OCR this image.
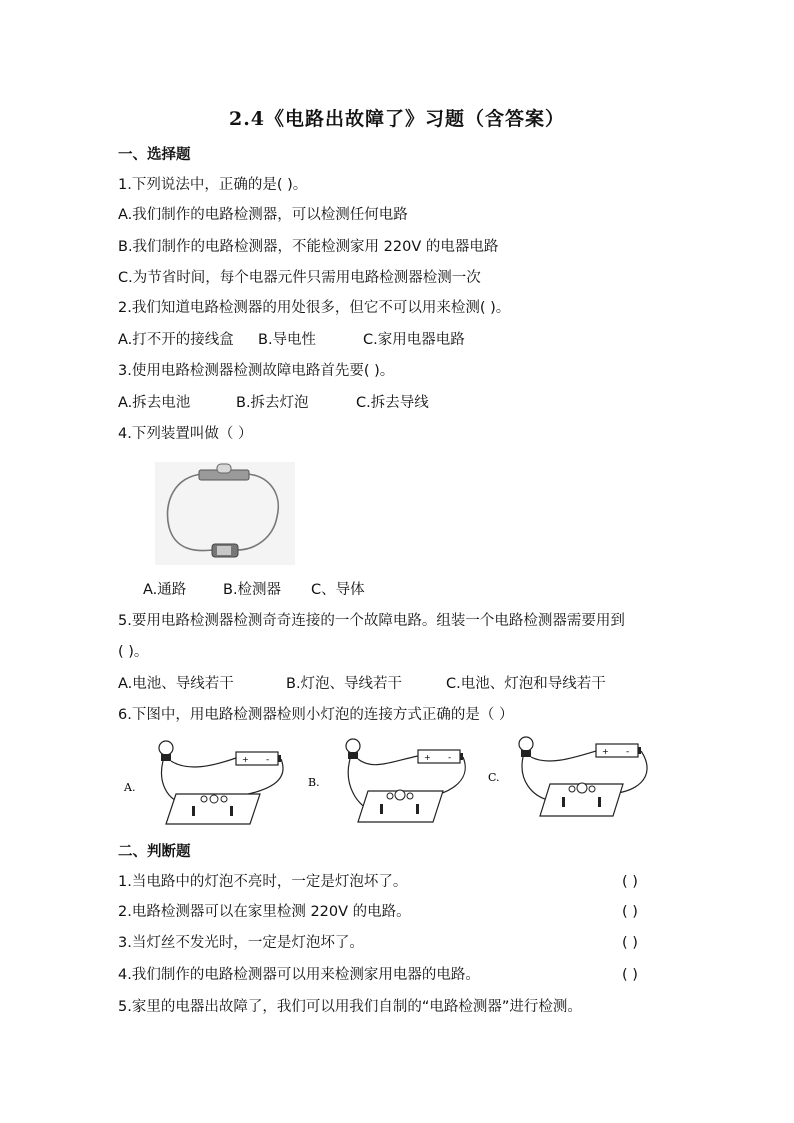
2.4《电路出故障了》习题（含答案）
一、选择题
1.下列说法中，正确的是( )。
A.我们制作的电路检测器，可以检测任何电路
B.我们制作的电路检测器，不能检测家用 220V 的电器电路
C.为节省时间，每个电器元件只需用电路检测器检测一次
2.我们知道电路检测器的用处很多，但它不可以用来检测( )。
A.打不开的接线盒 B.导电性	C.家用电器电路
3.使用电路检测器检测故障电路首先要( )。
A.拆去电池	B.拆去灯泡	C.拆去导线
4.下列装置叫做（ ）
A.通路	B.检测器 C、导体
5.要用电路检测器检测奇奇连接的一个故障电路。组装一个电路检测器需要用到
( )。
A.电池、导线若干	B.灯泡、导线若干	C.电池、灯泡和导线若干
6.下图中，用电路检测器检则小灯泡的连接方式正确的是（ ）
A.
+ -
B.
+ -
C.
+ -
二、判断题
1.当电路中的灯泡不亮时，一定是灯泡坏了。	( )
2.电路检测器可以在家里检测 220V 的电路。	( )
3.当灯丝不发光时，一定是灯泡坏了。	( )
4.我们制作的电路检测器可以用来检测家用电器的电路。	( )
5.家里的电器出故障了，我们可以用我们自制的“电路检测器”进行检测。
